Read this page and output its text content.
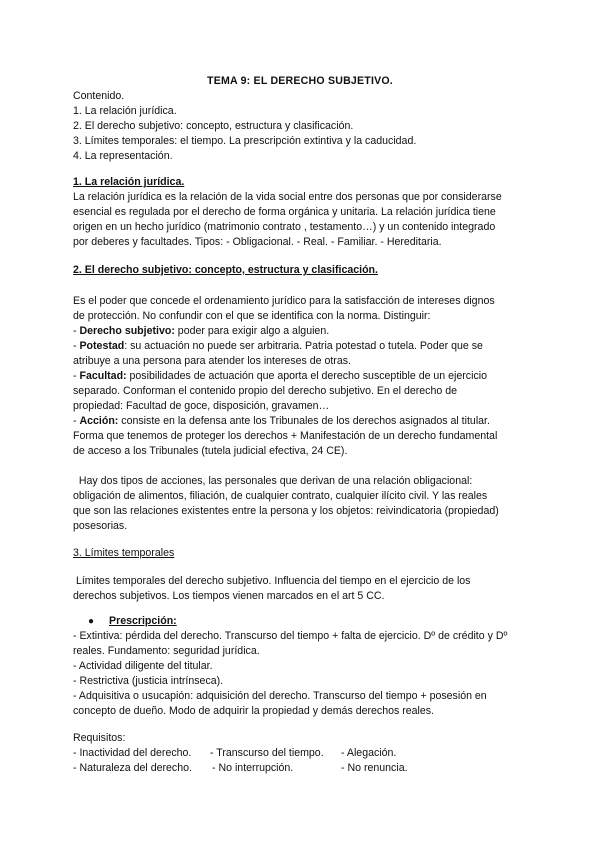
TEMA 9: EL DERECHO SUBJETIVO.
Contenido.
1. La relación jurídica.
2. El derecho subjetivo: concepto, estructura y clasificación.
3. Límites temporales: el tiempo. La prescripción extintiva y la caducidad.
4. La representación.
1. La relación jurídica.
La relación jurídica es la relación de la vida social entre dos personas que por considerarse
esencial es regulada por el derecho de forma orgánica y unitaria. La relación jurídica tiene
origen en un hecho jurídico (matrimonio contrato , testamento…) y un contenido integrado
por deberes y facultades. Tipos: - Obligacional. - Real. - Familiar. - Hereditaria.
2. El derecho subjetivo: concepto, estructura y clasificación.
Es el poder que concede el ordenamiento jurídico para la satisfacción de intereses dignos
de protección. No confundir con el que se identifica con la norma. Distinguir:
- Derecho subjetivo: poder para exigir algo a alguien.
- Potestad: su actuación no puede ser arbitraria. Patria potestad o tutela. Poder que se
atribuye a una persona para atender los intereses de otras.
- Facultad: posibilidades de actuación que aporta el derecho susceptible de un ejercicio
separado. Conforman el contenido propio del derecho subjetivo. En el derecho de
propiedad: Facultad de goce, disposición, gravamen…
- Acción: consiste en la defensa ante los Tribunales de los derechos asignados al titular.
Forma que tenemos de proteger los derechos + Manifestación de un derecho fundamental
de acceso a los Tribunales (tutela judicial efectiva, 24 CE).
Hay dos tipos de acciones, las personales que derivan de una relación obligacional:
obligación de alimentos, filiación, de cualquier contrato, cualquier ilícito civil. Y las reales
que son las relaciones existentes entre la persona y los objetos: reivindicatoria (propiedad)
posesorias.
3. Límites temporales
Límites temporales del derecho subjetivo. Influencia del tiempo en el ejercicio de los
derechos subjetivos. Los tiempos vienen marcados en el art 5 CC.
● Prescripción:
- Extintiva: pérdida del derecho. Transcurso del tiempo + falta de ejercicio. Dº de crédito y Dº
reales. Fundamento: seguridad jurídica.
- Actividad diligente del titular.
- Restrictiva (justicia intrínseca).
- Adquisitiva o usucapión: adquisición del derecho. Transcurso del tiempo + posesión en
concepto de dueño. Modo de adquirir la propiedad y demás derechos reales.
Requisitos:
- Inactividad del derecho. - Transcurso del tiempo. - Alegación.
- Naturaleza del derecho. - No interrupción.	- No renuncia.
